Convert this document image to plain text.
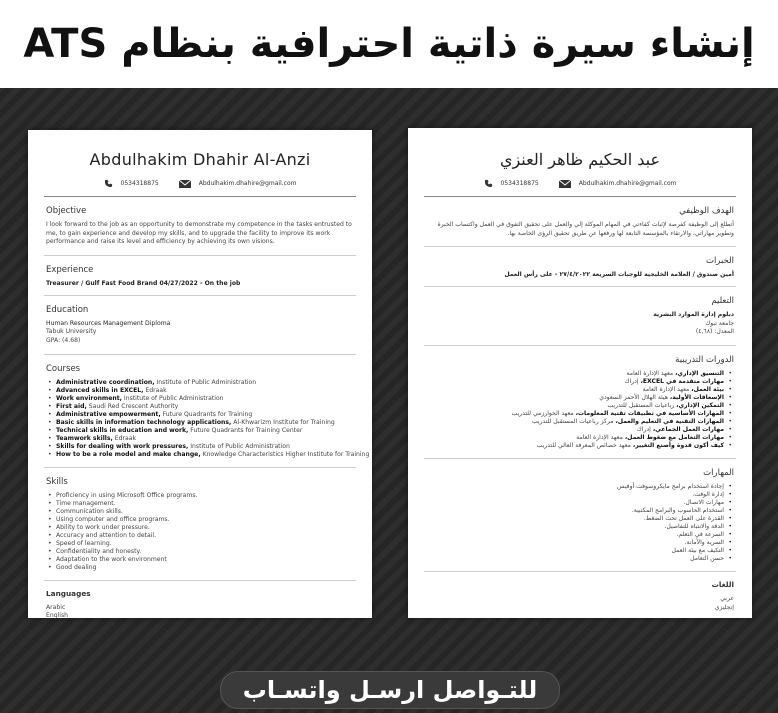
إنشاء سيرة ذاتية احترافية بنظام ATS
Abdulhakim Dhahir Al-Anzi
0534318875	Abdulhakim.dhahire@gmail.com
Objective
I look forward to the job as an opportunity to demonstrate my competence in the tasks entrusted to me, to gain experience and develop my skills, and to upgrade the facility to improve its work performance and raise its level and efficiency by achieving its own visions.
Experience
Treasurer / Gulf Fast Food Brand 04/27/2022 - On the job
Education
Human Resources Management Diploma
Tabuk University
GPA: (4.68)
Courses
• Administrative coordination, Institute of Public Administration
• Advanced skills in EXCEL, Edraak
• Work environment, Institute of Public Administration
• First aid, Saudi Red Crescent Authority
• Administrative empowerment, Future Quadrants for Training
• Basic skills in information technology applications, Al-Khwarizm Institute for Training
• Technical skills in education and work, Future Quadrants for Training Center
• Teamwork skills, Edraak
• Skills for dealing with work pressures, Institute of Public Administration
• How to be a role model and make change, Knowledge Characteristics Higher Institute for Training
Skills
• Proficiency in using Microsoft Office programs.
• Time management.
• Communication skills.
• Using computer and office programs.
• Ability to work under pressure.
• Accuracy and attention to detail.
• Speed of learning.
• Confidentiality and honesty.
• Adaptation to the work environment
• Good dealing
Languages
Arabic
English
عبد الحكيم ظاهر العنزي
0534318875	Abdulhakim.dhahire@gmail.com
الهدف الوظيفي
أتطلع إلى الوظيفة كفرصة لإثبات كفاءتي في المهام الموكلة إلي والعمل على تحقيق التفوق في العمل واكتساب الخبرة وتطوير مهاراتي، والارتقاء بالمؤسسة التابعة لها ورفعها عن طريق تحقيق الرؤى الخاصة بها.
الخبرات
أمين صندوق / العلامة الخليجية للوجبات السريعة ٢٧/٤/٢٠٢٢ - على رأس العمل
التعليم
دبلوم إدارة الموارد البشرية
جامعة تبوك
المعدل: (٤,٦٨)
الدورات التدريبية
• التنسيق الإداري، معهد الإدارة العامة
• مهارات متقدمة في EXCEL، إدراك
• بيئة العمل، معهد الإدارة العامة
• الإسعافات الأولية، هيئة الهلال الأحمر السعودي
• التمكين الإداري، رباعيات المستقبل للتدريب
• المهارات الأساسية في تطبيقات تقنية المعلومات، معهد الخوارزمي للتدريب
• المهارات التقنية في التعليم والعمل، مركز رباعيات المستقبل للتدريب
• مهارات العمل الجماعي، إدراك
• مهارات التعامل مع ضغوط العمل، معهد الإدارة العامة
• كيف أكون قدوة وأصنع التغيير، معهد خصائص المعرفة العالي للتدريب
المهارات
• إجادة استخدام برامج مايكروسوفت أوفيس
• إدارة الوقت.
• مهارات الاتصال.
• استخدام الحاسوب والبرامج المكتبية.
• القدرة على العمل تحت الضغط.
• الدقة والانتباه للتفاصيل.
• السرعة في التعلم.
• السرية والأمانة.
• التكيف مع بيئة العمل
• حسن التعامل
اللغات
عربي
إنجليزي
للتـواصل ارسـل واتسـاب
